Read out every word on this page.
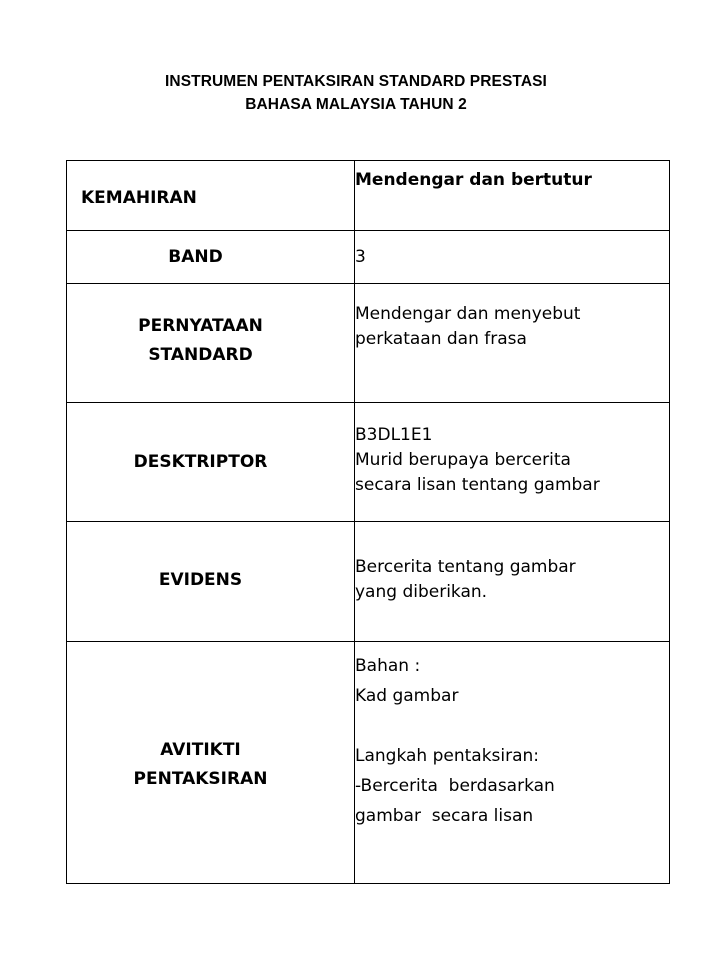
INSTRUMEN PENTAKSIRAN STANDARD PRESTASI
BAHASA MALAYSIA TAHUN 2
KEMAHIRAN	Mendengar dan bertutur

BAND	3

PERNYATAAN
STANDARD	Mendengar dan menyebut
perkataan dan frasa

DESKTRIPTOR	B3DL1E1
Murid berupaya bercerita
secara lisan tentang gambar

EVIDENS	Bercerita tentang gambar
yang diberikan.

AVITIKTI
PENTAKSIRAN	Bahan :
Kad gambar
Langkah pentaksiran:
-Bercerita  berdasarkan
gambar  secara lisan
